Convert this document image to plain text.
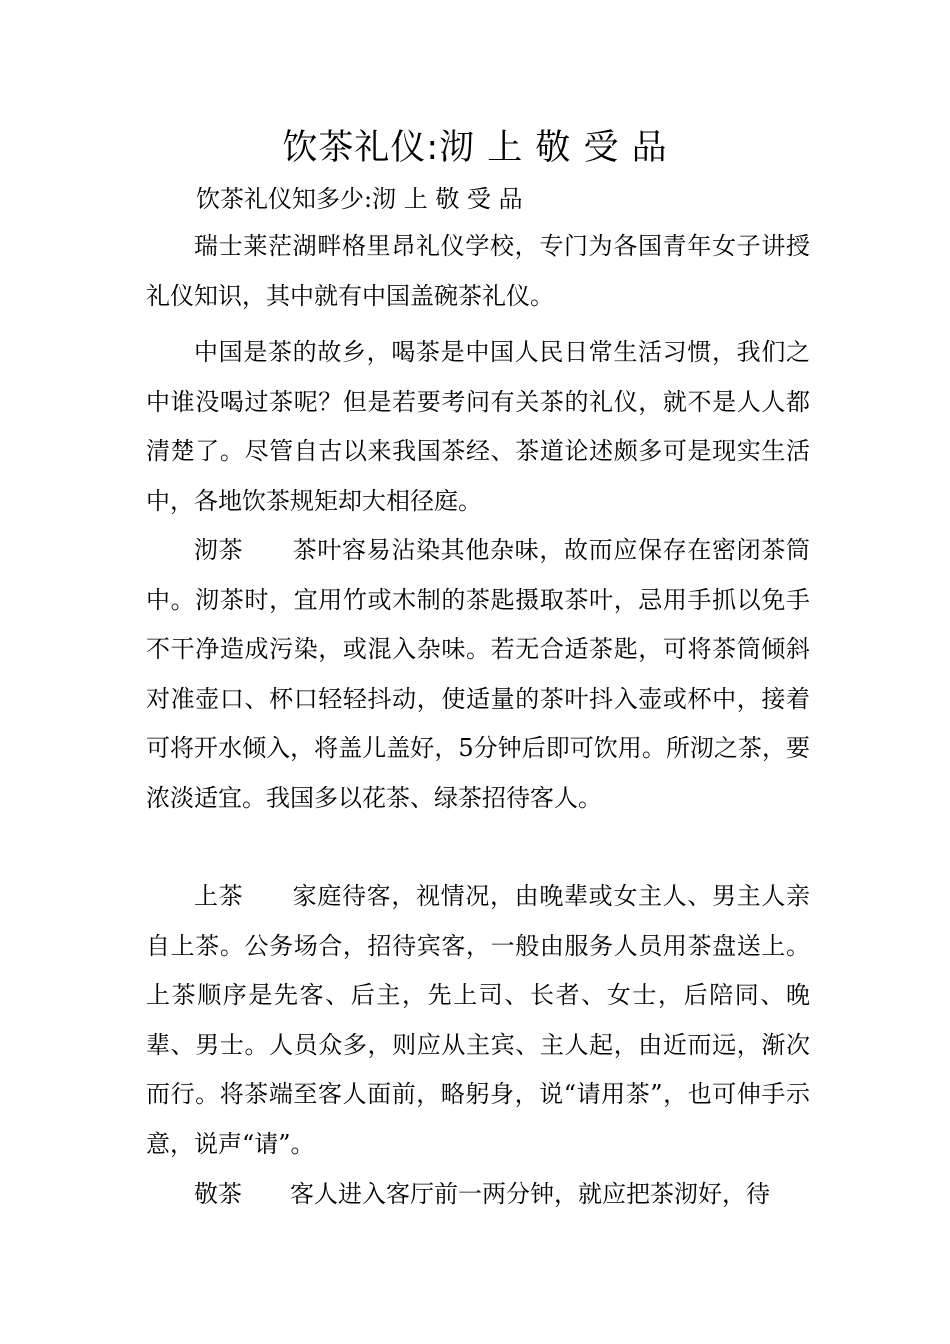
饮茶礼仪:沏 上 敬 受 品
饮茶礼仪知多少:沏 上 敬 受 品

瑞士莱茫湖畔格里昂礼仪学校，专门为各国青年女子讲授礼仪知识，其中就有中国盖碗茶礼仪。

中国是茶的故乡，喝茶是中国人民日常生活习惯，我们之中谁没喝过茶呢？但是若要考问有关茶的礼仪，就不是人人都清楚了。尽管自古以来我国茶经、茶道论述颇多可是现实生活中，各地饮茶规矩却大相径庭。

沏茶　　茶叶容易沾染其他杂味，故而应保存在密闭茶筒中。沏茶时，宜用竹或木制的茶匙摄取茶叶，忌用手抓以免手不干净造成污染，或混入杂味。若无合适茶匙，可将茶筒倾斜对准壶口、杯口轻轻抖动，使适量的茶叶抖入壶或杯中，接着可将开水倾入，将盖儿盖好，5分钟后即可饮用。所沏之茶，要浓淡适宜。我国多以花茶、绿茶招待客人。

上茶　　家庭待客，视情况，由晚辈或女主人、男主人亲自上茶。公务场合，招待宾客，一般由服务人员用茶盘送上。上茶顺序是先客、后主，先上司、长者、女士，后陪同、晚辈、男士。人员众多，则应从主宾、主人起，由近而远，渐次而行。将茶端至客人面前，略躬身，说“请用茶”，也可伸手示意，说声“请”。

敬茶　　客人进入客厅前一两分钟，就应把茶沏好，待
